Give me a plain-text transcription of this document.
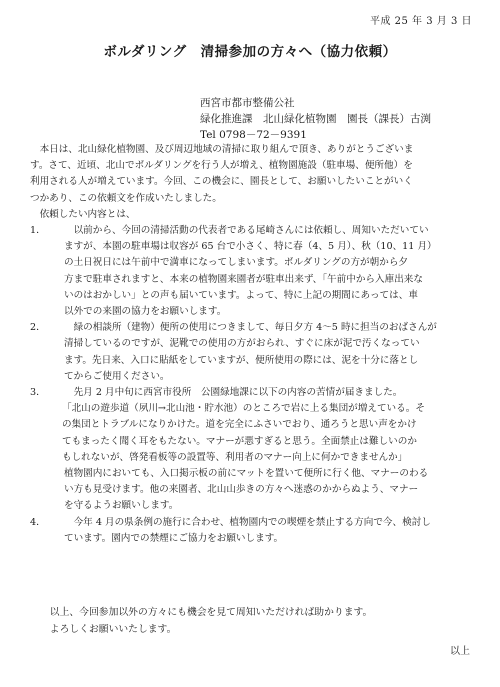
平成 25 年 3 月 3 日
ボルダリング　清掃参加の方々へ（協力依頼）
西宮市都市整備公社
緑化推進課　北山緑化植物園　園長（課長）古渕
Tel 0798－72－9391

本日は、北山緑化植物園、及び周辺地域の清掃に取り組んで頂き、ありがとうございま

す。さて、近頃、北山でボルダリングを行う人が増え、植物園施設（駐車場、便所他）を

利用される人が増えています。今回、この機会に、園長として、お願いしたいことがいく

つかあり、この依頼文を作成いたしました。

依頼したい内容とは、

1．	以前から、今回の清掃活動の代表者である尾崎さんには依頼し、周知いただいてい

ますが、本園の駐車場は収容が 65 台で小さく、特に春（4、5 月）、秋（10、11 月）

の土日祝日には午前中で満車になってしまいます。ボルダリングの方が朝から夕

方まで駐車されますと、本来の植物園来園者が駐車出来ず、「午前中から入庫出来な

いのはおかしい」との声も届いています。よって、特に上記の期間にあっては、車

以外での来園の協力をお願いします。

2．	緑の相談所（建物）便所の使用につきまして、毎日夕方 4～5 時に担当のおばさんが

清掃しているのですが、泥靴での使用の方がおられ、すぐに床が泥で汚くなってい

ます。先日来、入口に貼紙をしていますが、便所使用の際には、泥を十分に落とし

てからご使用ください。

3．	先月 2 月中旬に西宮市役所　公園緑地課に以下の内容の苦情が届きました。

「北山の遊歩道（夙川→北山池・貯水池）のところで岩に上る集団が増えている。そ

の集団とトラブルになりかけた。道を完全にふさいでおり、通ろうと思い声をかけ

てもまったく聞く耳をもたない。マナーが悪すぎると思う。全面禁止は難しいのか

もしれないが、啓発看板等の設置等、利用者のマナー向上に何かできませんか」

植物園内においても、入口掲示板の前にマットを置いて便所に行く他、マナーのわる

い方も見受けます。他の来園者、北山山歩きの方々へ迷惑のかからぬよう、マナー

を守るようお願いします。

4．	今年 4 月の県条例の施行に合わせ、植物園内での喫煙を禁止する方向で今、検討し

ています。園内での禁煙にご協力をお願いします。

以上、今回参加以外の方々にも機会を見て周知いただければ助かります。

よろしくお願いいたします。

以上
